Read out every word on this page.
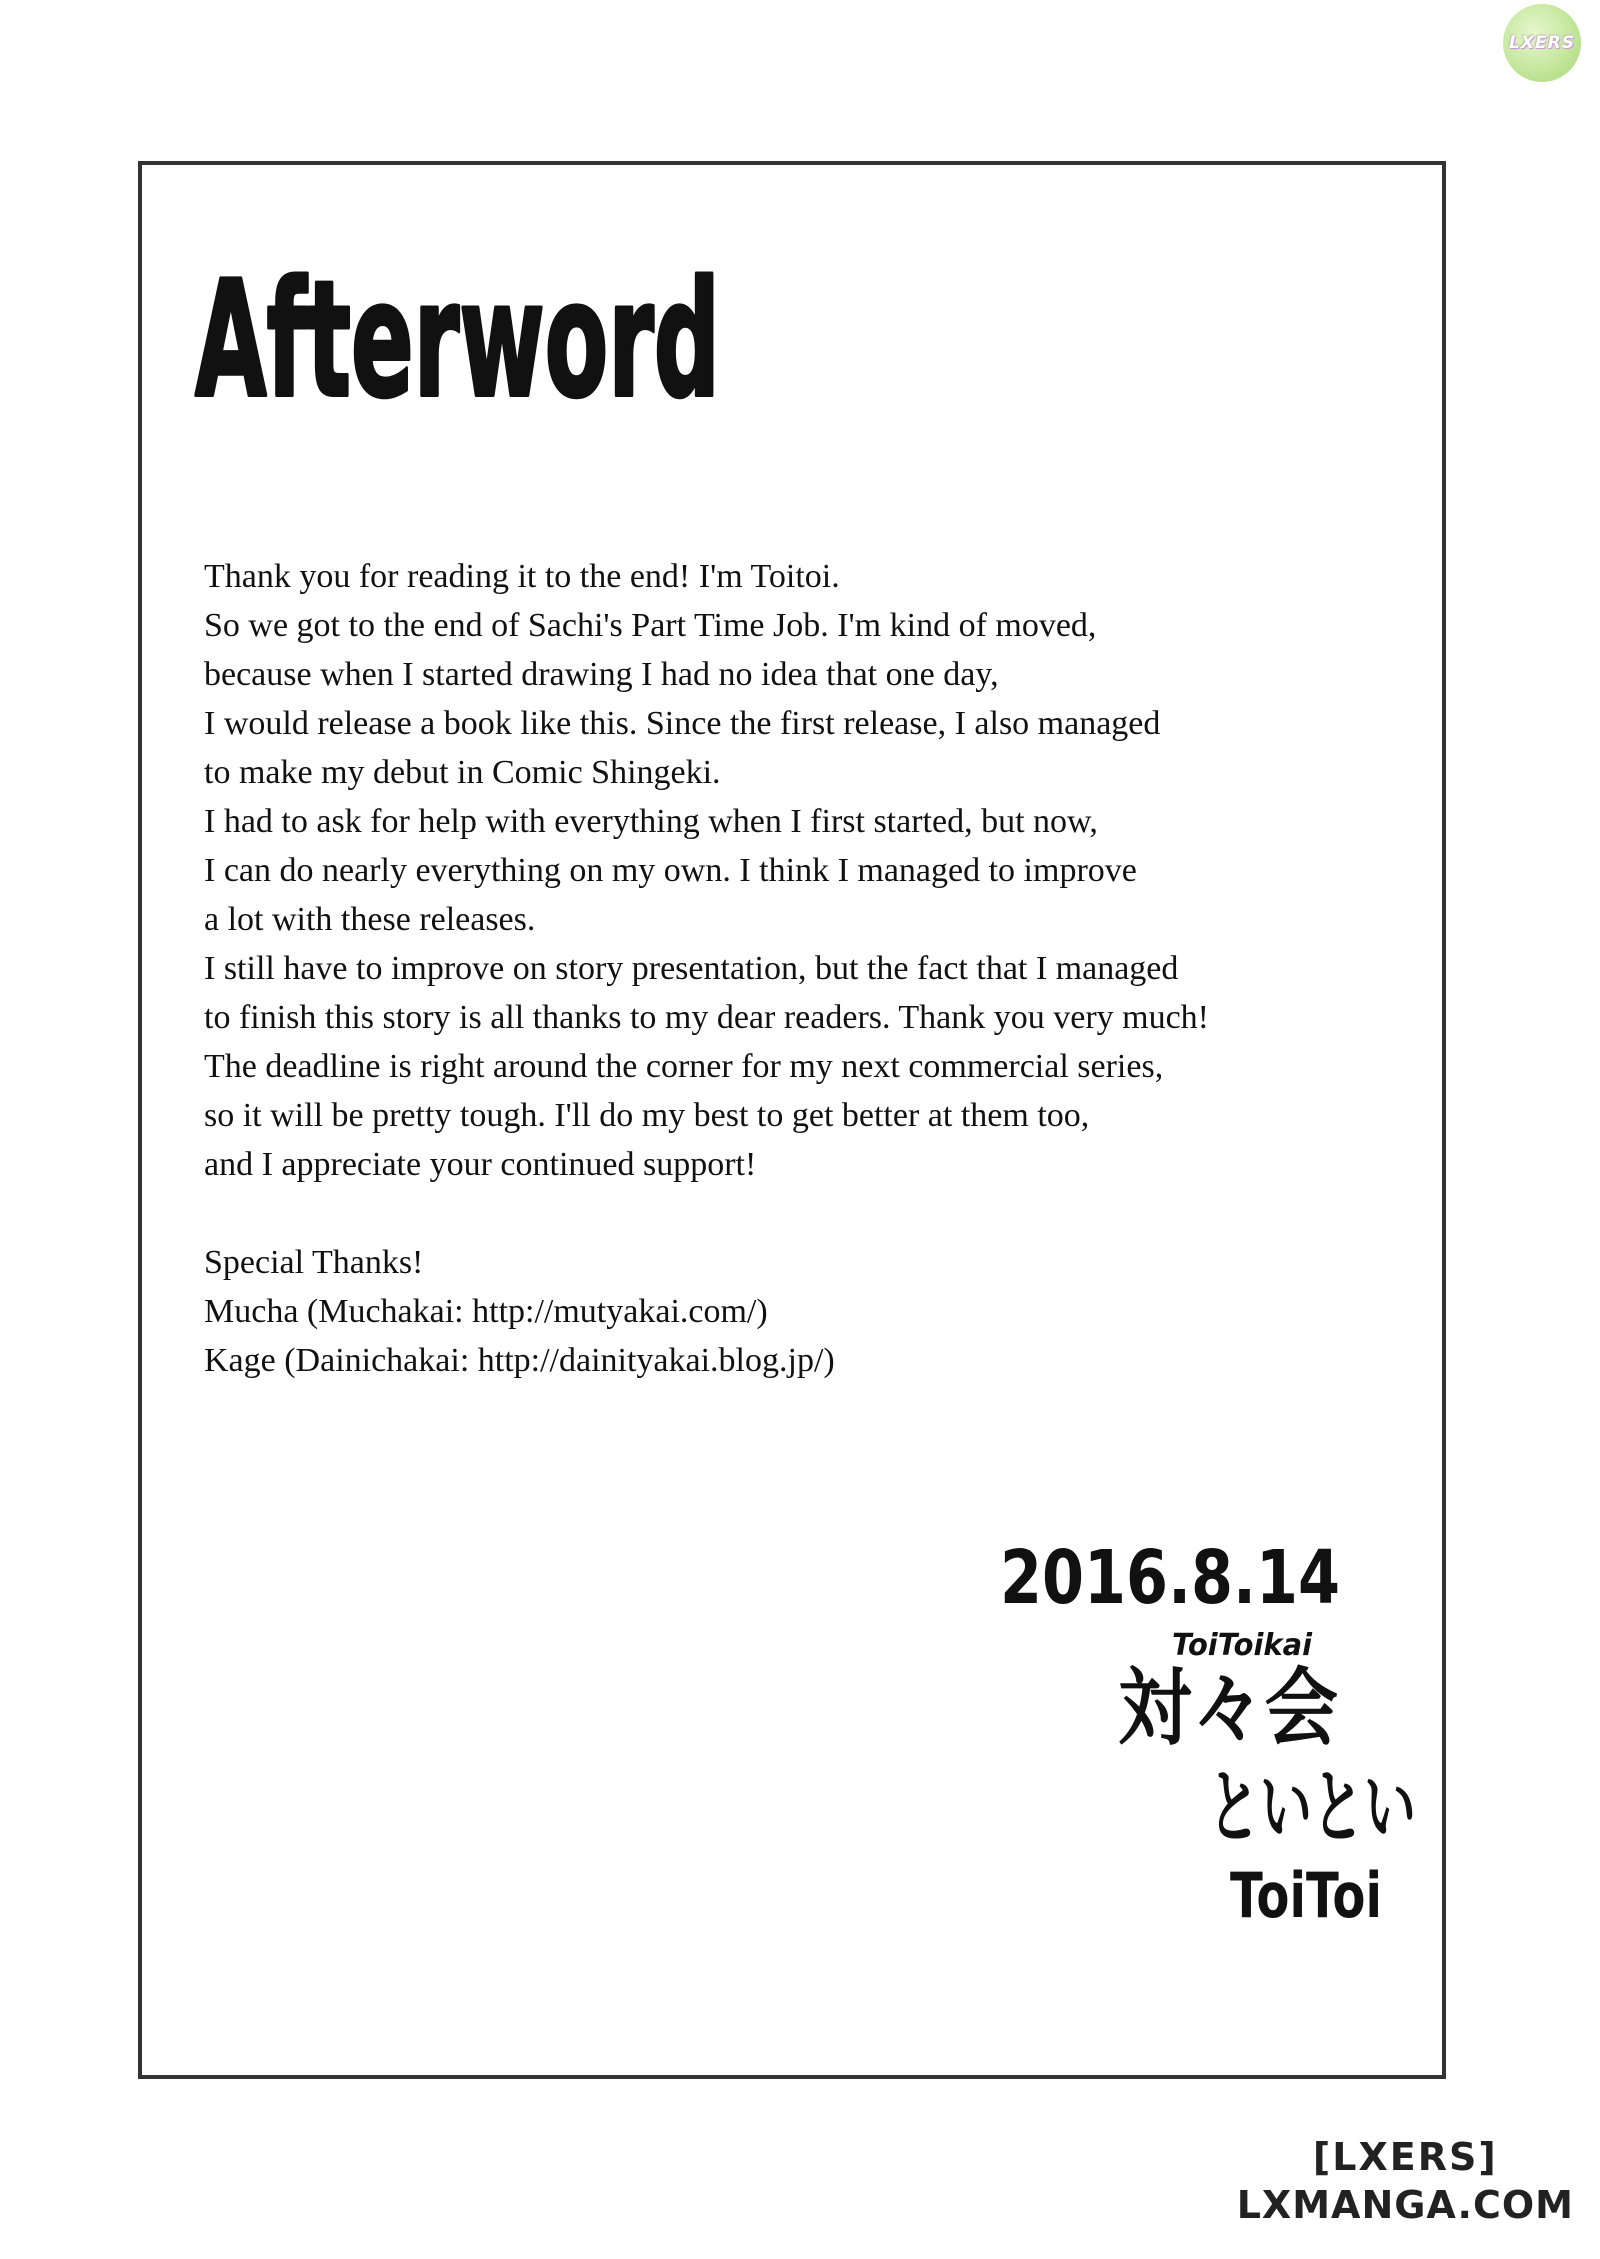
LXERS
Afterword

Thank you for reading it to the end! I'm Toitoi.

So we got to the end of Sachi's Part Time Job. I'm kind of moved,

because when I started drawing I had no idea that one day,

I would release a book like this. Since the first release, I also managed

to make my debut in Comic Shingeki.

I had to ask for help with everything when I first started, but now,

I can do nearly everything on my own. I think I managed to improve

a lot with these releases.

I still have to improve on story presentation, but the fact that I managed

to finish this story is all thanks to my dear readers. Thank you very much!

The deadline is right around the corner for my next commercial series,

so it will be pretty tough. I'll do my best to get better at them too,

and I appreciate your continued support!

Special Thanks!

Mucha (Muchakai: http://mutyakai.com/)

Kage (Dainichakai: http://dainityakai.blog.jp/)

2016.8.14
ToiToikai
対々会
といとい
ToiToi
[LXERS]
LXMANGA.COM
